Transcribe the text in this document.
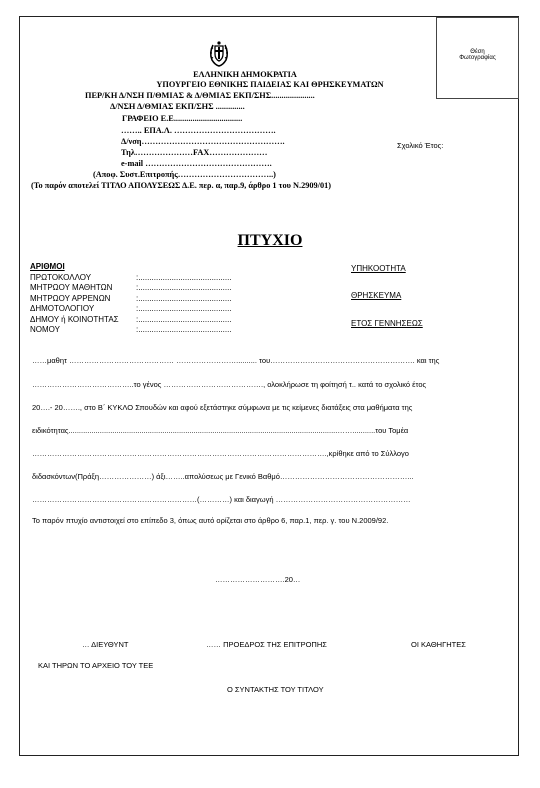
Θέση
Φωτογραφίας
ΕΛΛΗΝΙΚΗ ΔΗΜΟΚΡΑΤΙΑ
ΥΠΟΥΡΓΕΙΟ ΕΘΝΙΚΗΣ ΠΑΙΔΕΙΑΣ ΚΑΙ ΘΡΗΣΚΕΥΜΑΤΩΝ
ΠΕΡ/ΚΗ Δ/ΝΣΗ Π/ΘΜΙΑΣ & Δ/ΘΜΙΑΣ ΕΚΠ/ΣΗΣ.....................
Δ/ΝΣΗ Δ/ΘΜΙΑΣ ΕΚΠ/ΣΗΣ ..............
ΓΡΑΦΕΙΟ Ε.Ε.................................
…….. ΕΠΑ.Λ. ……………………………….
Δ/νση…………………………………………….
Τηλ…………………FAX…………………
e-mail ……………………………………….
(Αποφ. Συστ.Επιτροπής……………………………..)
(Το παρόν αποτελεί ΤΙΤΛΟ ΑΠΟΛΥΣΕΩΣ Δ.Ε. περ. α, παρ.9, άρθρο 1 του Ν.2909/01)
Σχολικό Έτος:
ΠΤΥΧΙΟ
ΑΡΙΘΜΟΙ
ΠΡΩΤΟΚΟΛΛΟΥ	:..........................................
ΜΗΤΡΩΟΥ ΜΑΘΗΤΩΝ	:..........................................
ΜΗΤΡΩΟΥ ΑΡΡΕΝΩΝ	:..........................................
ΔΗΜΟΤΟΛΟΓΙΟΥ	:..........................................
ΔΗΜΟΥ ή ΚΟΙΝΟΤΗΤΑΣ	:..........................................
ΝΟΜΟΥ	:..........................................
ΥΠΗΚΟΟΤΗΤΑ
ΘΡΗΣΚΕΥΜΑ
ΕΤΟΣ ΓΕΝΝΗΣΕΩΣ
……μαθητ …………………………………… …………………….......... του…………………………………………………. και της
…………………………………..το γένος …………………………………., ολοκλήρωσε τη φοίτησή τ.. κατά το σχολικό έτος
20….- 20……., στο Β΄ ΚΥΚΛΟ Σπουδών και αφού εξετάστηκε σύμφωνα με τις κείμενες διατάξεις στα μαθήματα της
ειδικότητας.................................................................................................................................……...........του Τομέα
……………………………………………………………………………………………………….,κρίθηκε από το Σύλλογο
διδασκόντων(Πράξη…………………) άξι……..απολύσεως με Γενικό Βαθμό……………………………………………...
…………………………………………………………(…………) και διαγωγή ………………………………………………
Το παρόν πτυχίο αντιστοιχεί στο επίπεδο 3, όπως αυτό ορίζεται στο άρθρο 6, παρ.1, περ. γ. του Ν.2009/92.
……………………….20…
… ΔΙΕΥΘΥΝΤ	…… ΠΡΟΕΔΡΟΣ ΤΗΣ ΕΠΙΤΡΟΠΗΣ	ΟΙ ΚΑΘΗΓΗΤΕΣ
ΚΑΙ ΤΗΡΩΝ ΤΟ ΑΡΧΕΙΟ ΤΟΥ ΤΕΕ
Ο ΣΥΝΤΑΚΤΗΣ ΤΟΥ ΤΙΤΛΟΥ
